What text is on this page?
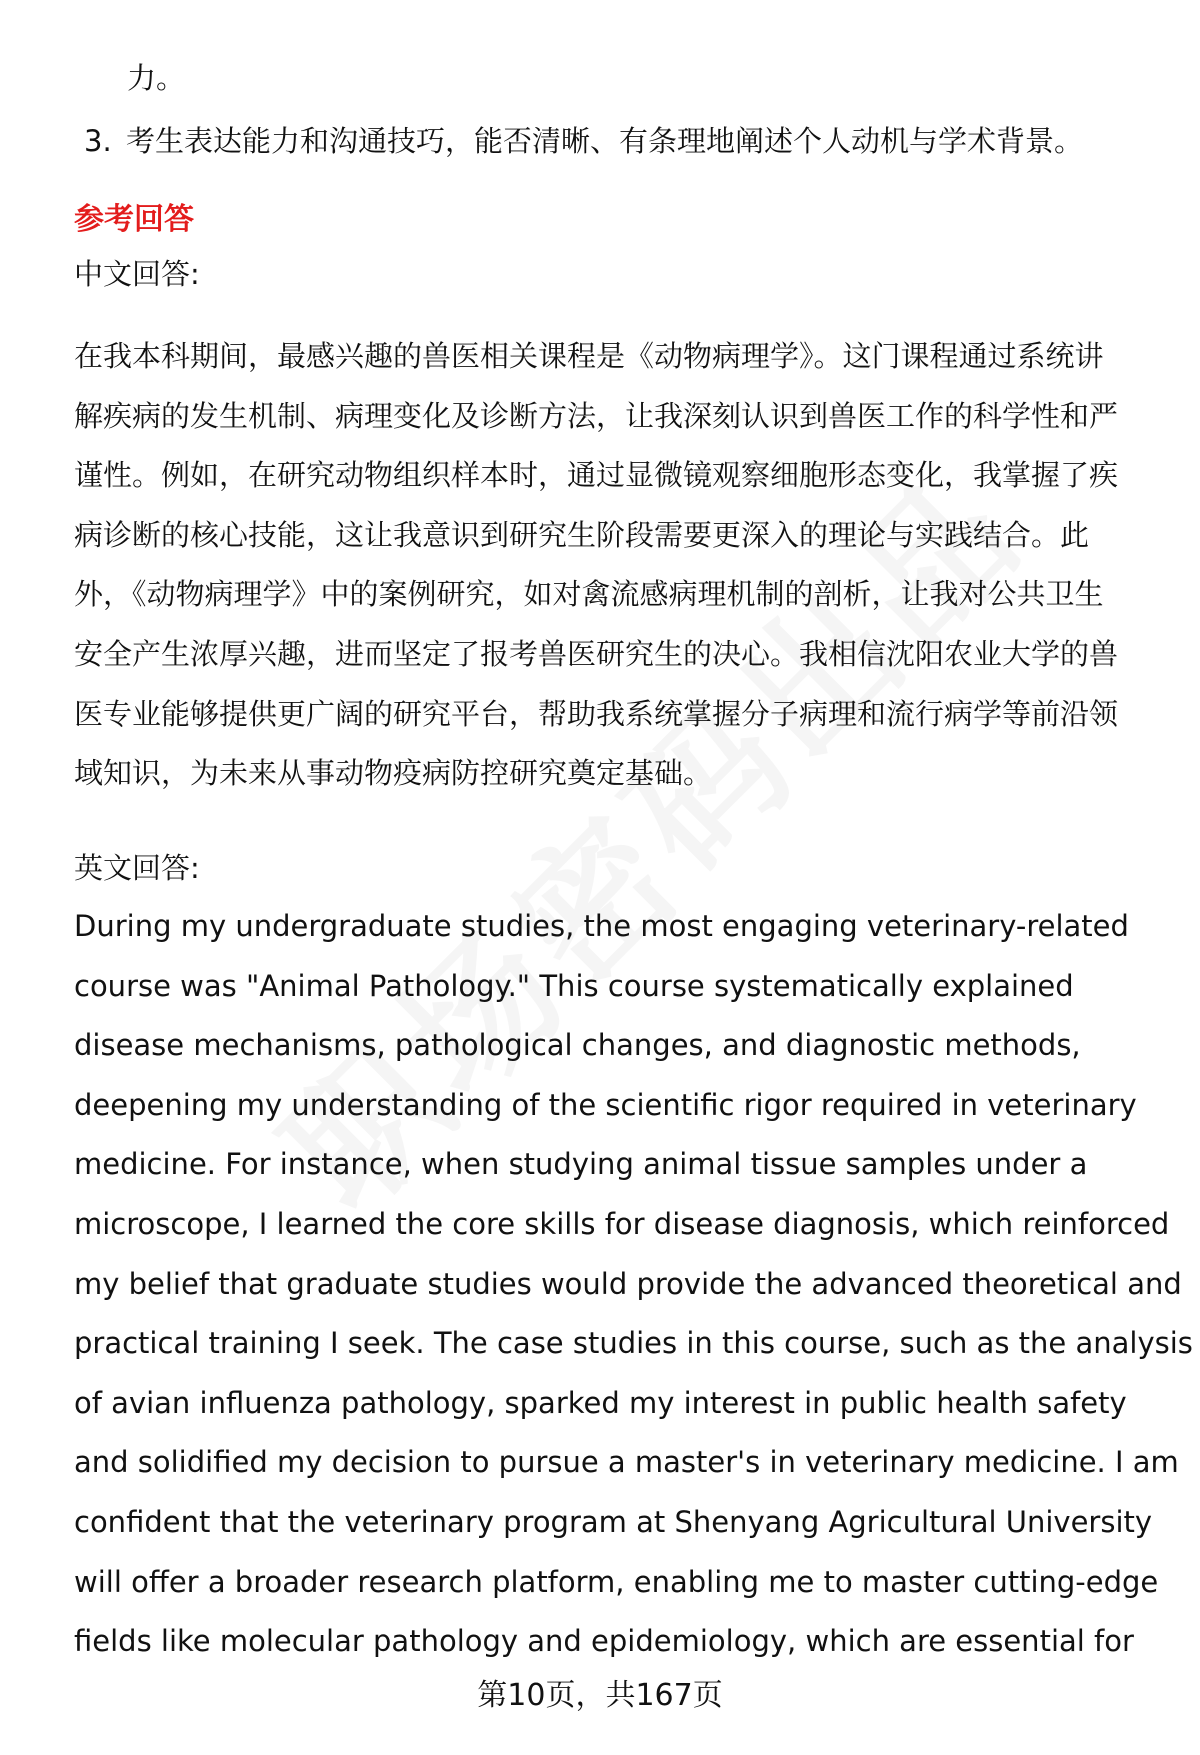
力。
3. 考生表达能力和沟通技巧，能否清晰、有条理地阐述个人动机与学术背景。
参考回答
中文回答:
在我本科期间，最感兴趣的兽医相关课程是《动物病理学》。这门课程通过系统讲
解疾病的发生机制、病理变化及诊断方法，让我深刻认识到兽医工作的科学性和严
谨性。例如，在研究动物组织样本时，通过显微镜观察细胞形态变化，我掌握了疾
病诊断的核心技能，这让我意识到研究生阶段需要更深入的理论与实践结合。此
外，《动物病理学》中的案例研究，如对禽流感病理机制的剖析，让我对公共卫生
安全产生浓厚兴趣，进而坚定了报考兽医研究生的决心。我相信沈阳农业大学的兽
医专业能够提供更广阔的研究平台，帮助我系统掌握分子病理和流行病学等前沿领
域知识，为未来从事动物疫病防控研究奠定基础。
英文回答:
During my undergraduate studies, the most engaging veterinary-related
course was "Animal Pathology." This course systematically explained
disease mechanisms, pathological changes, and diagnostic methods,
deepening my understanding of the scientific rigor required in veterinary
medicine. For instance, when studying animal tissue samples under a
microscope, I learned the core skills for disease diagnosis, which reinforced
my belief that graduate studies would provide the advanced theoretical and
practical training I seek. The case studies in this course, such as the analysis
of avian influenza pathology, sparked my interest in public health safety
and solidified my decision to pursue a master's in veterinary medicine. I am
confident that the veterinary program at Shenyang Agricultural University
will offer a broader research platform, enabling me to master cutting-edge
fields like molecular pathology and epidemiology, which are essential for
第10页，共167页
